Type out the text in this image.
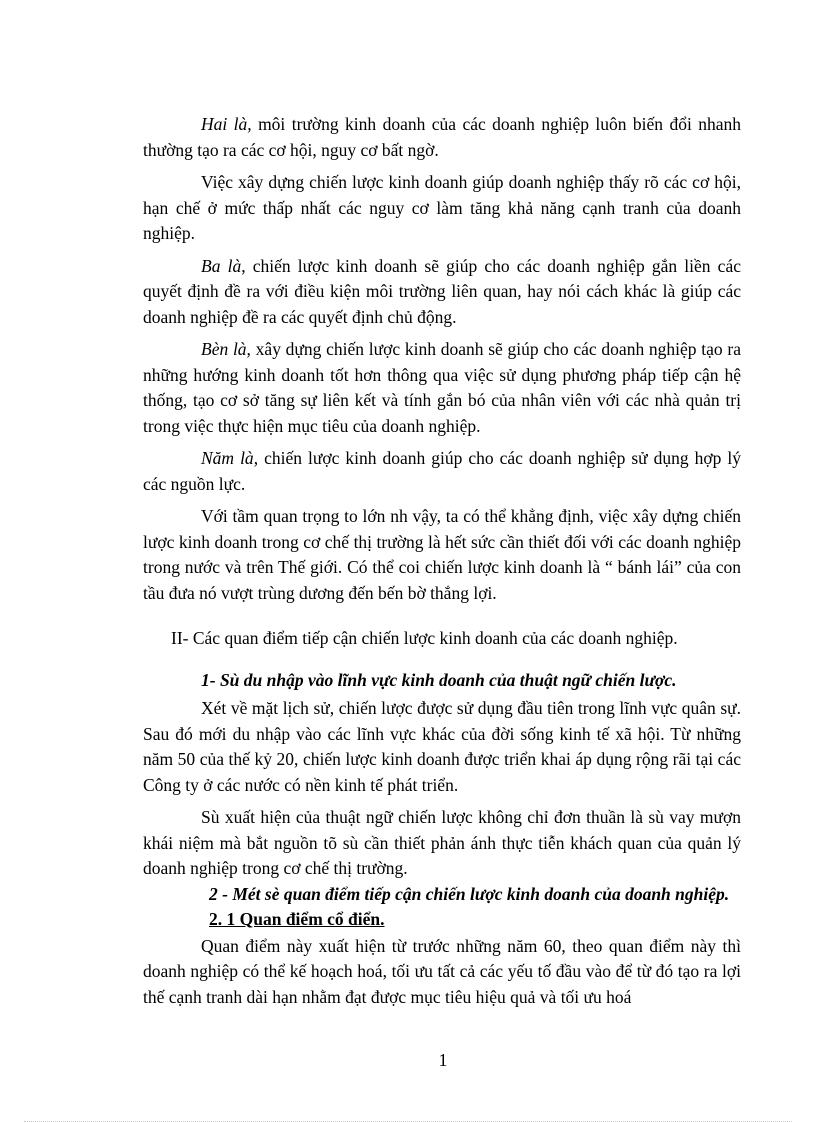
Hai là, môi trường kinh doanh của các doanh nghiệp luôn biến đổi nhanh thường tạo ra các cơ hội, nguy cơ bất ngờ.

Việc xây dựng chiến lược kinh doanh giúp doanh nghiệp thấy rõ các cơ hội, hạn chế ở mức thấp nhất các nguy cơ làm tăng khả năng cạnh tranh của doanh nghiệp.

Ba là, chiến lược kinh doanh sẽ giúp cho các doanh nghiệp gắn liền các quyết định đề ra với điều kiện môi trường liên quan, hay nói cách khác là giúp các doanh nghiệp đề ra các quyết định chủ động.

Bèn là, xây dựng chiến lược kinh doanh sẽ giúp cho các doanh nghiệp tạo ra những hướng kinh doanh tốt hơn thông qua việc sử dụng phương pháp tiếp cận hệ thống, tạo cơ sở tăng sự liên kết và tính gắn bó của nhân viên với các nhà quản trị trong việc thực hiện mục tiêu của doanh nghiệp.

Năm là, chiến lược kinh doanh giúp cho các doanh nghiệp sử dụng hợp lý các nguồn lực.

Với tầm quan trọng to lớn nh vậy, ta có thể khẳng định, việc xây dựng chiến lược kinh doanh trong cơ chế thị trường là hết sức cần thiết đối với các doanh nghiệp trong nước và trên Thế giới. Có thể coi chiến lược kinh doanh là “ bánh lái” của con tầu đưa nó vượt trùng dương đến bến bờ thắng lợi.

II- Các quan điểm tiếp cận chiến lược kinh doanh của các doanh nghiệp.

1- Sù du nhập vào lĩnh vực kinh doanh của thuật ngữ chiến lược.

Xét về mặt lịch sử, chiến lược được sử dụng đầu tiên trong lĩnh vực quân sự. Sau đó mới du nhập vào các lĩnh vực khác của đời sống kinh tế xã hội. Từ những năm 50 của thế kỷ 20, chiến lược kinh doanh được triển khai áp dụng rộng rãi tại các Công ty ở các nước có nền kinh tế phát triển.

Sù xuất hiện của thuật ngữ chiến lược không chỉ đơn thuần là sù vay mượn khái niệm mà bắt nguồn tõ sù cần thiết phản ánh thực tiễn khách quan của quản lý doanh nghiệp trong cơ chế thị trường.

2 - Mét sè quan điểm tiếp cận chiến lược kinh doanh của doanh nghiệp.

2. 1 Quan điểm cổ điển.

Quan điểm này xuất hiện từ trước những năm 60, theo quan điểm này thì doanh nghiệp có thể kế hoạch hoá, tối ưu tất cả các yếu tố đầu vào để từ đó tạo ra lợi thế cạnh tranh dài hạn nhằm đạt được mục tiêu hiệu quả và tối ưu hoá

1
